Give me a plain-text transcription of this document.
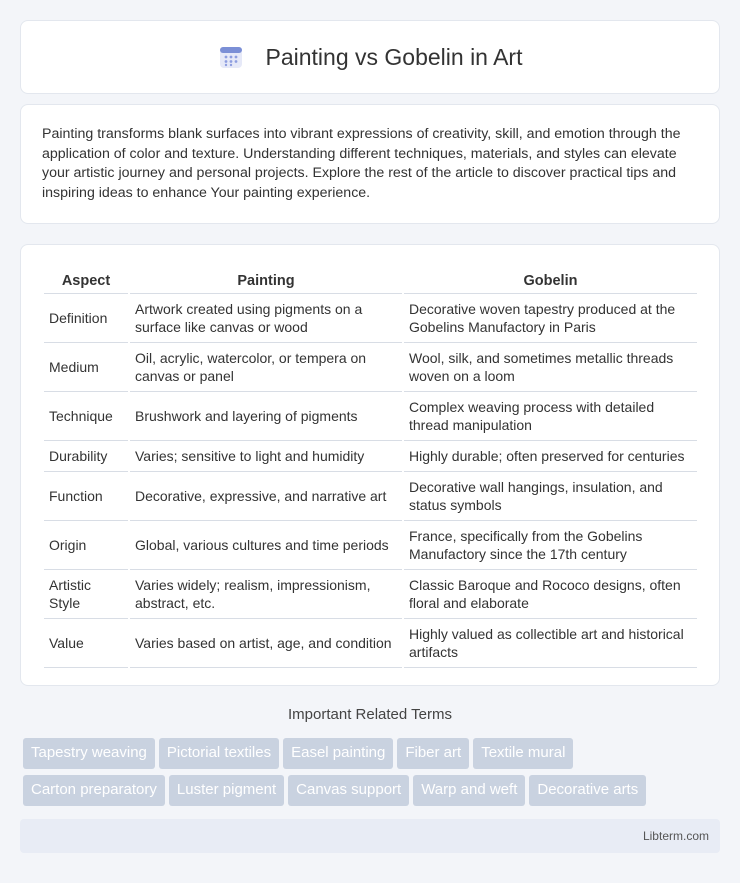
Painting vs Gobelin in Art

Painting transforms blank surfaces into vibrant expressions of creativity, skill, and emotion through the application of color and texture. Understanding different techniques, materials, and styles can elevate your artistic journey and personal projects. Explore the rest of the article to discover practical tips and inspiring ideas to enhance Your painting experience.

Aspect	Painting	Gobelin
Definition	Artwork created using pigments on a surface like canvas or wood	Decorative woven tapestry produced at the Gobelins Manufactory in Paris
Medium	Oil, acrylic, watercolor, or tempera on canvas or panel	Wool, silk, and sometimes metallic threads woven on a loom
Technique	Brushwork and layering of pigments	Complex weaving process with detailed thread manipulation
Durability	Varies; sensitive to light and humidity	Highly durable; often preserved for centuries
Function	Decorative, expressive, and narrative art	Decorative wall hangings, insulation, and status symbols
Origin	Global, various cultures and time periods	France, specifically from the Gobelins Manufactory since the 17th century
Artistic Style	Varies widely; realism, impressionism, abstract, etc.	Classic Baroque and Rococo designs, often floral and elaborate
Value	Varies based on artist, age, and condition	Highly valued as collectible art and historical artifacts
Important Related Terms
Tapestry weaving Pictorial textiles Easel painting Fiber art Textile mural
Carton preparatory Luster pigment Canvas support Warp and weft Decorative arts
Libterm.com
